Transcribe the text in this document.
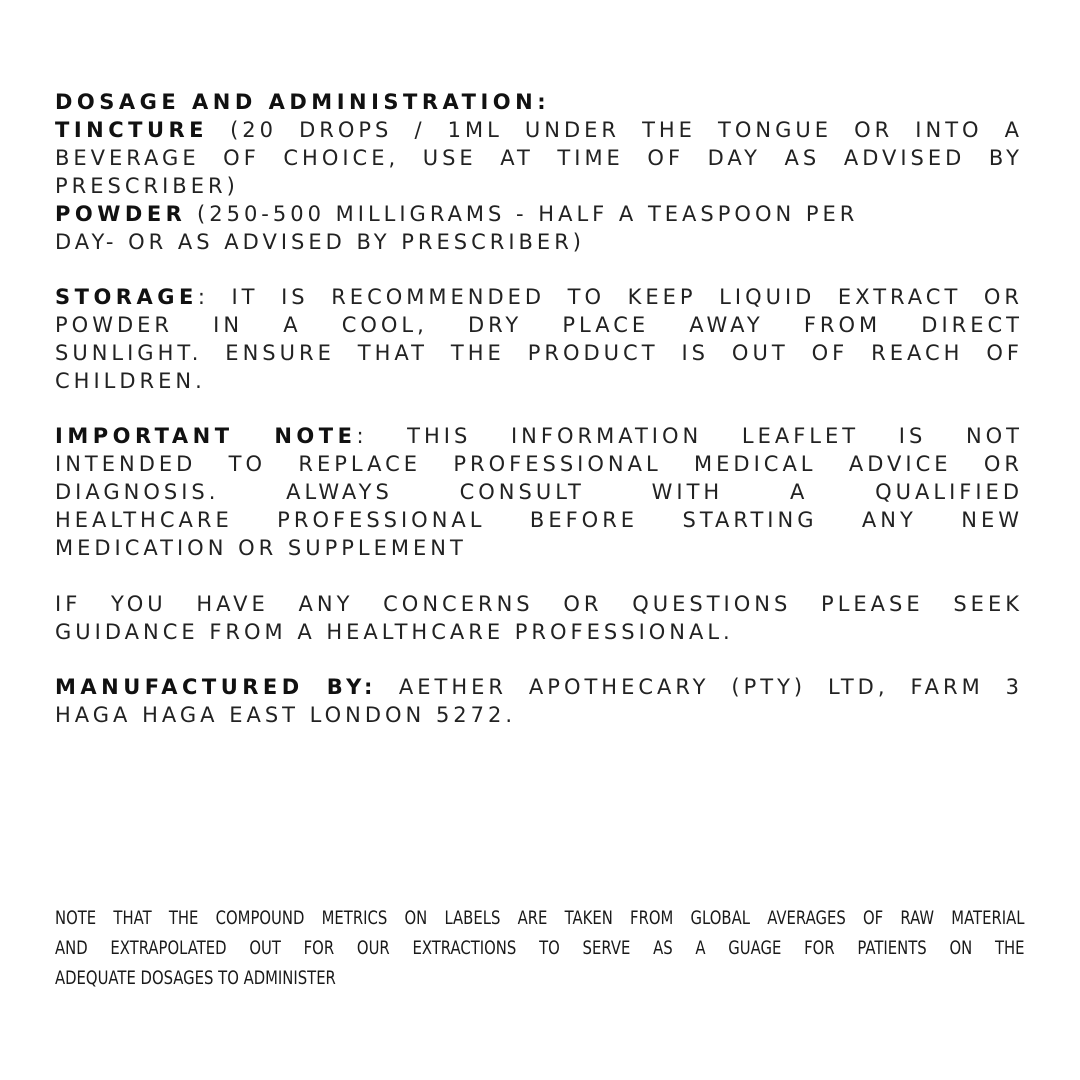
DOSAGE AND ADMINISTRATION:
TINCTURE (20 DROPS / 1ML UNDER THE TONGUE OR INTO A
BEVERAGE OF CHOICE, USE AT TIME OF DAY AS ADVISED BY
PRESCRIBER)
POWDER (250-500 MILLIGRAMS - HALF A TEASPOON PER
DAY- OR AS ADVISED BY PRESCRIBER)
STORAGE: IT IS RECOMMENDED TO KEEP LIQUID EXTRACT OR
POWDER IN A COOL, DRY PLACE AWAY FROM DIRECT
SUNLIGHT. ENSURE THAT THE PRODUCT IS OUT OF REACH OF
CHILDREN.
IMPORTANT NOTE: THIS INFORMATION LEAFLET IS NOT
INTENDED TO REPLACE PROFESSIONAL MEDICAL ADVICE OR
DIAGNOSIS. ALWAYS CONSULT WITH A QUALIFIED
HEALTHCARE PROFESSIONAL BEFORE STARTING ANY NEW
MEDICATION OR SUPPLEMENT
IF YOU HAVE ANY CONCERNS OR QUESTIONS PLEASE SEEK
GUIDANCE FROM A HEALTHCARE PROFESSIONAL.
MANUFACTURED BY: AETHER APOTHECARY (PTY) LTD, FARM 3
HAGA HAGA EAST LONDON 5272.
NOTE THAT THE COMPOUND METRICS ON LABELS ARE TAKEN FROM GLOBAL AVERAGES OF RAW MATERIAL
AND EXTRAPOLATED OUT FOR OUR EXTRACTIONS TO SERVE AS A GUAGE FOR PATIENTS ON THE
ADEQUATE DOSAGES TO ADMINISTER
